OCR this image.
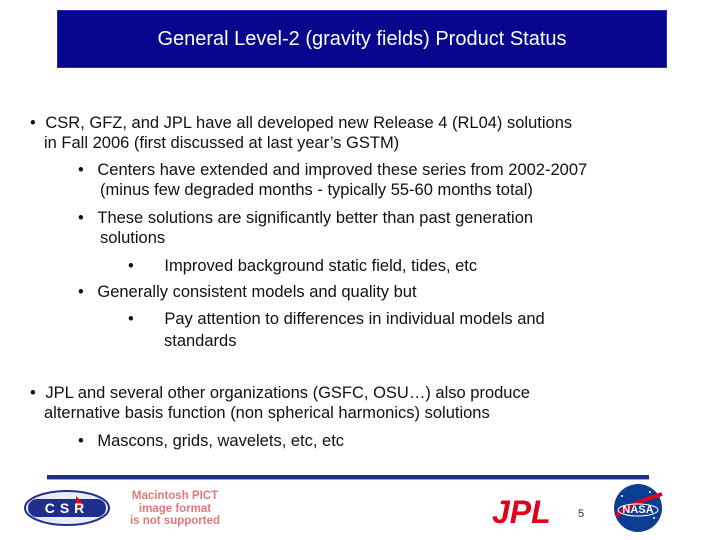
General Level-2 (gravity fields) Product Status
• CSR, GFZ, and JPL have all developed new Release 4 (RL04) solutions
in Fall 2006 (first discussed at last year’s GSTM)
• Centers have extended and improved these series from 2002-2007
(minus few degraded months - typically 55-60 months total)
• These solutions are significantly better than past generation
solutions
• Improved background static field, tides, etc
• Generally consistent models and quality but
• Pay attention to differences in individual models and
standards
• JPL and several other organizations (GSFC, OSU…) also produce
alternative basis function (non spherical harmonics) solutions
• Mascons, grids, wavelets, etc, etc
CSR
Macintosh PICT
image format
is not supported	JPL 5	NASA
